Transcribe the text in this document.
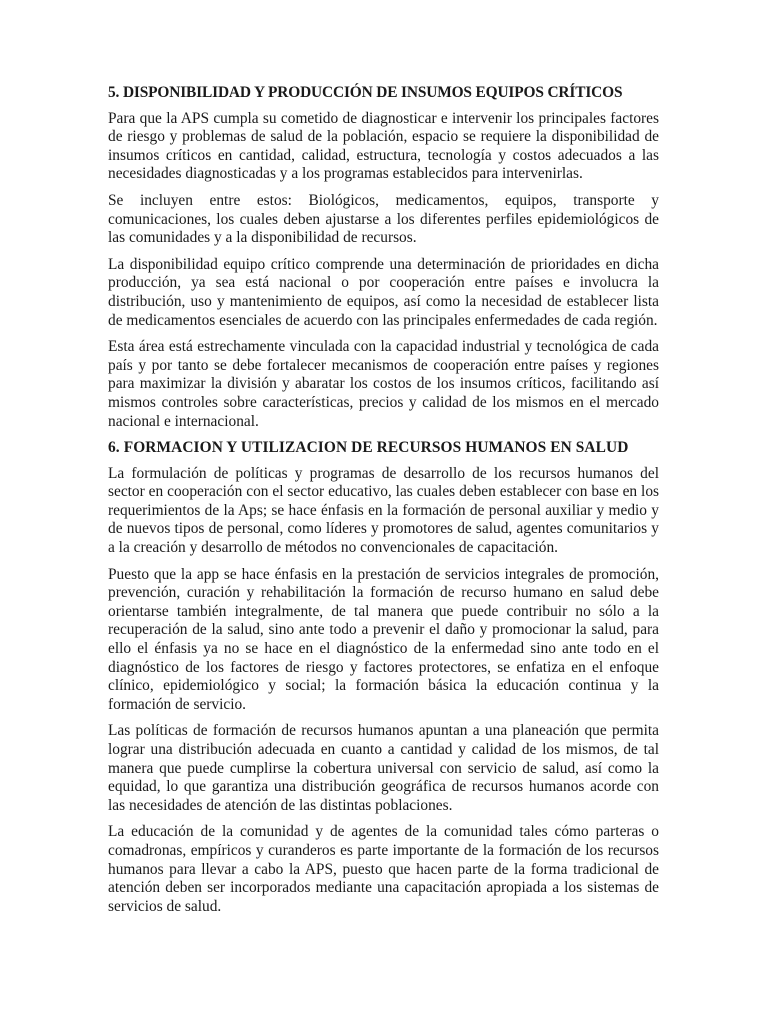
5. DISPONIBILIDAD Y PRODUCCIÓN DE INSUMOS EQUIPOS CRÍTICOS

Para que la APS cumpla su cometido de diagnosticar e intervenir los principales factores de riesgo y problemas de salud de la población, espacio se requiere la disponibilidad de insumos críticos en cantidad, calidad, estructura, tecnología y costos adecuados a las necesidades diagnosticadas y a los programas establecidos para intervenirlas.

Se incluyen entre estos: Biológicos, medicamentos, equipos, transporte y comunicaciones, los cuales deben ajustarse a los diferentes perfiles epidemiológicos de las comunidades y a la disponibilidad de recursos.

La disponibilidad equipo crítico comprende una determinación de prioridades en dicha producción, ya sea está nacional o por cooperación entre países e involucra la distribución, uso y mantenimiento de equipos, así como la necesidad de establecer lista de medicamentos esenciales de acuerdo con las principales enfermedades de cada región.

Esta área está estrechamente vinculada con la capacidad industrial y tecnológica de cada país y por tanto se debe fortalecer mecanismos de cooperación entre países y regiones para maximizar la división y abaratar los costos de los insumos críticos, facilitando así mismos controles sobre características, precios y calidad de los mismos en el mercado nacional e internacional.

6. FORMACION Y UTILIZACION DE RECURSOS HUMANOS EN SALUD

La formulación de políticas y programas de desarrollo de los recursos humanos del sector en cooperación con el sector educativo, las cuales deben establecer con base en los requerimientos de la Aps; se hace énfasis en la formación de personal auxiliar y medio y de nuevos tipos de personal, como líderes y promotores de salud, agentes comunitarios y a la creación y desarrollo de métodos no convencionales de capacitación.

Puesto que la app se hace énfasis en la prestación de servicios integrales de promoción, prevención, curación y rehabilitación la formación de recurso humano en salud debe orientarse también integralmente, de tal manera que puede contribuir no sólo a la recuperación de la salud, sino ante todo a prevenir el daño y promocionar la salud, para ello el énfasis ya no se hace en el diagnóstico de la enfermedad sino ante todo en el diagnóstico de los factores de riesgo y factores protectores, se enfatiza en el enfoque clínico, epidemiológico y social; la formación básica la educación continua y la formación de servicio.

Las políticas de formación de recursos humanos apuntan a una planeación que permita lograr una distribución adecuada en cuanto a cantidad y calidad de los mismos, de tal manera que puede cumplirse la cobertura universal con servicio de salud, así como la equidad, lo que garantiza una distribución geográfica de recursos humanos acorde con las necesidades de atención de las distintas poblaciones.

La educación de la comunidad y de agentes de la comunidad tales cómo parteras o comadronas, empíricos y curanderos es parte importante de la formación de los recursos humanos para llevar a cabo la APS, puesto que hacen parte de la forma tradicional de atención deben ser incorporados mediante una capacitación apropiada a los sistemas de servicios de salud.
